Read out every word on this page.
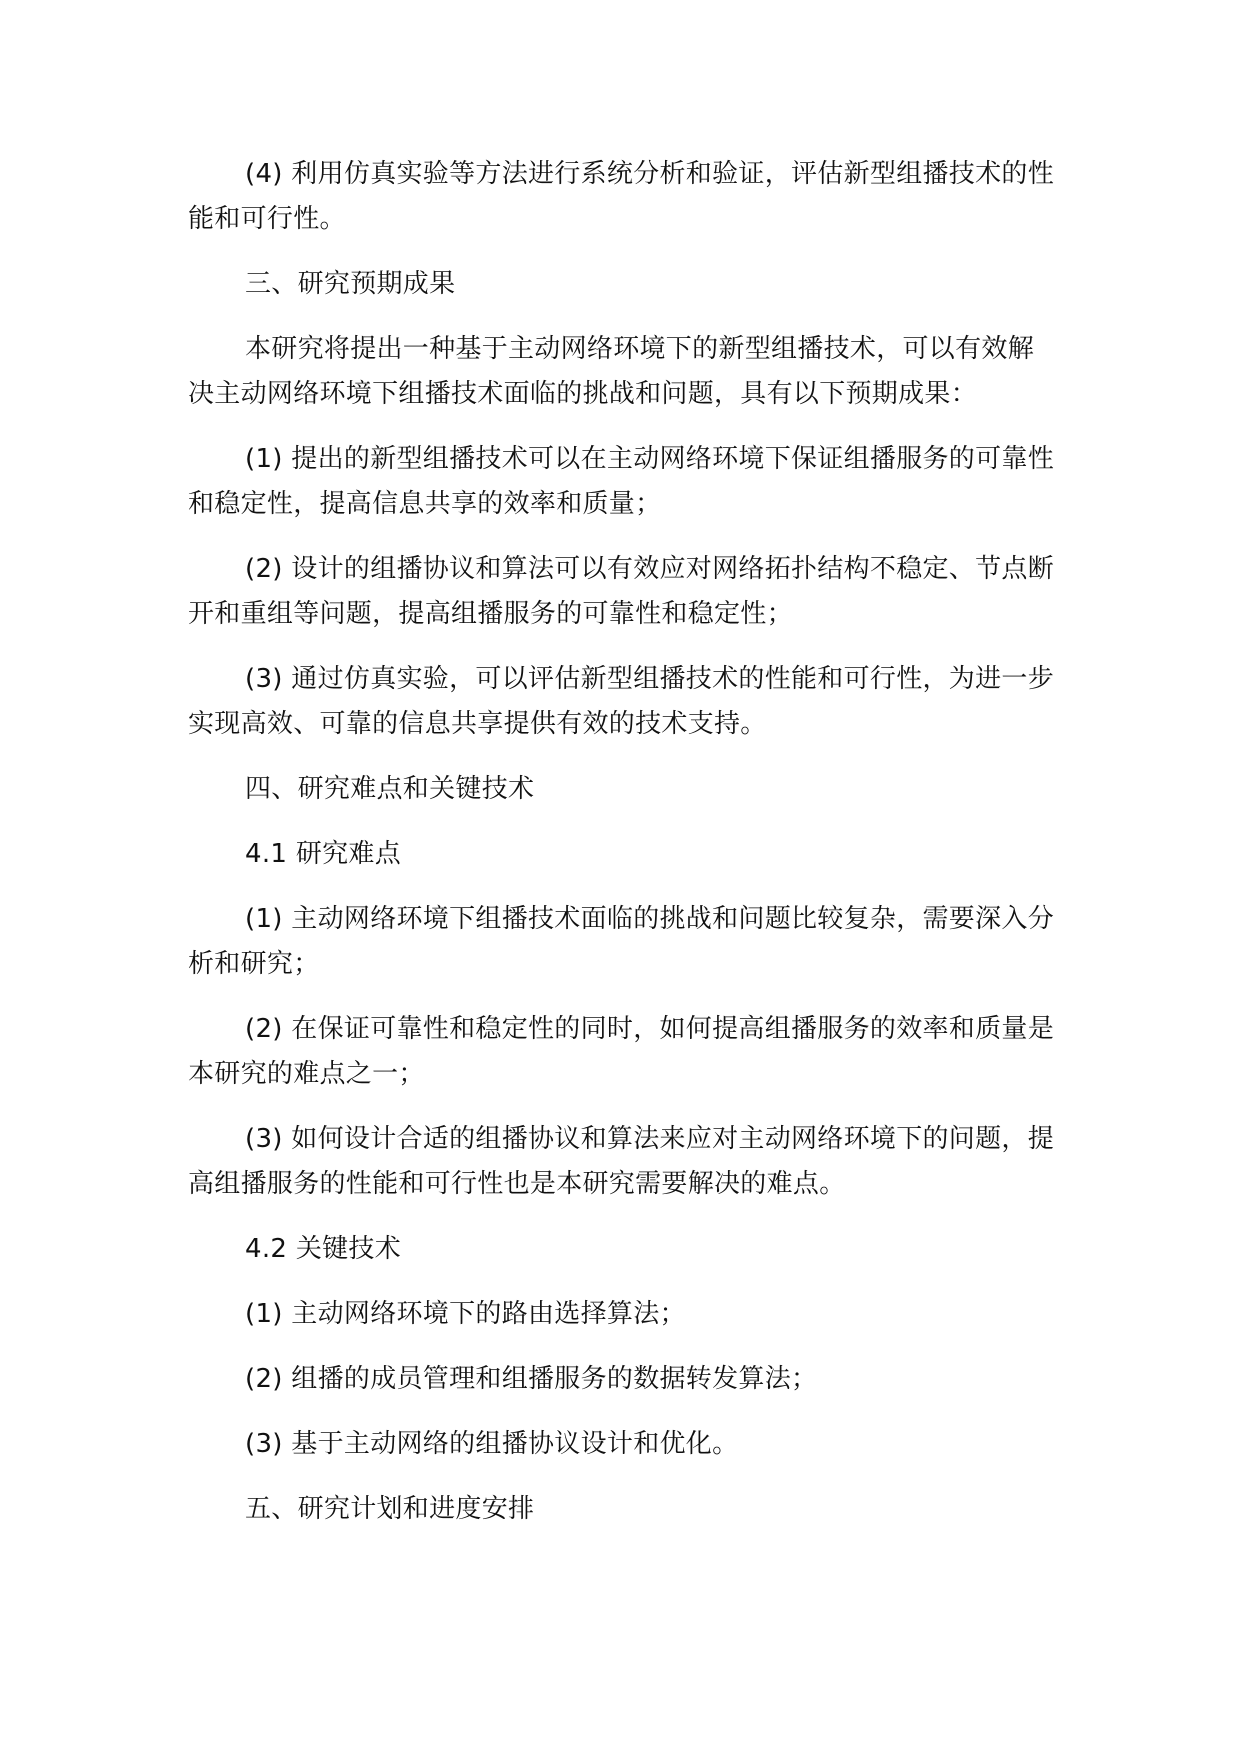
(4) 利用仿真实验等方法进行系统分析和验证，评估新型组播技术的性能和可行性。

三、研究预期成果

本研究将提出一种基于主动网络环境下的新型组播技术，可以有效解决主动网络环境下组播技术面临的挑战和问题，具有以下预期成果：

(1) 提出的新型组播技术可以在主动网络环境下保证组播服务的可靠性和稳定性，提高信息共享的效率和质量；

(2) 设计的组播协议和算法可以有效应对网络拓扑结构不稳定、节点断开和重组等问题，提高组播服务的可靠性和稳定性；

(3) 通过仿真实验，可以评估新型组播技术的性能和可行性，为进一步实现高效、可靠的信息共享提供有效的技术支持。

四、研究难点和关键技术

4.1 研究难点

(1) 主动网络环境下组播技术面临的挑战和问题比较复杂，需要深入分析和研究；

(2) 在保证可靠性和稳定性的同时，如何提高组播服务的效率和质量是本研究的难点之一；

(3) 如何设计合适的组播协议和算法来应对主动网络环境下的问题，提高组播服务的性能和可行性也是本研究需要解决的难点。

4.2 关键技术

(1) 主动网络环境下的路由选择算法；

(2) 组播的成员管理和组播服务的数据转发算法；

(3) 基于主动网络的组播协议设计和优化。

五、研究计划和进度安排
